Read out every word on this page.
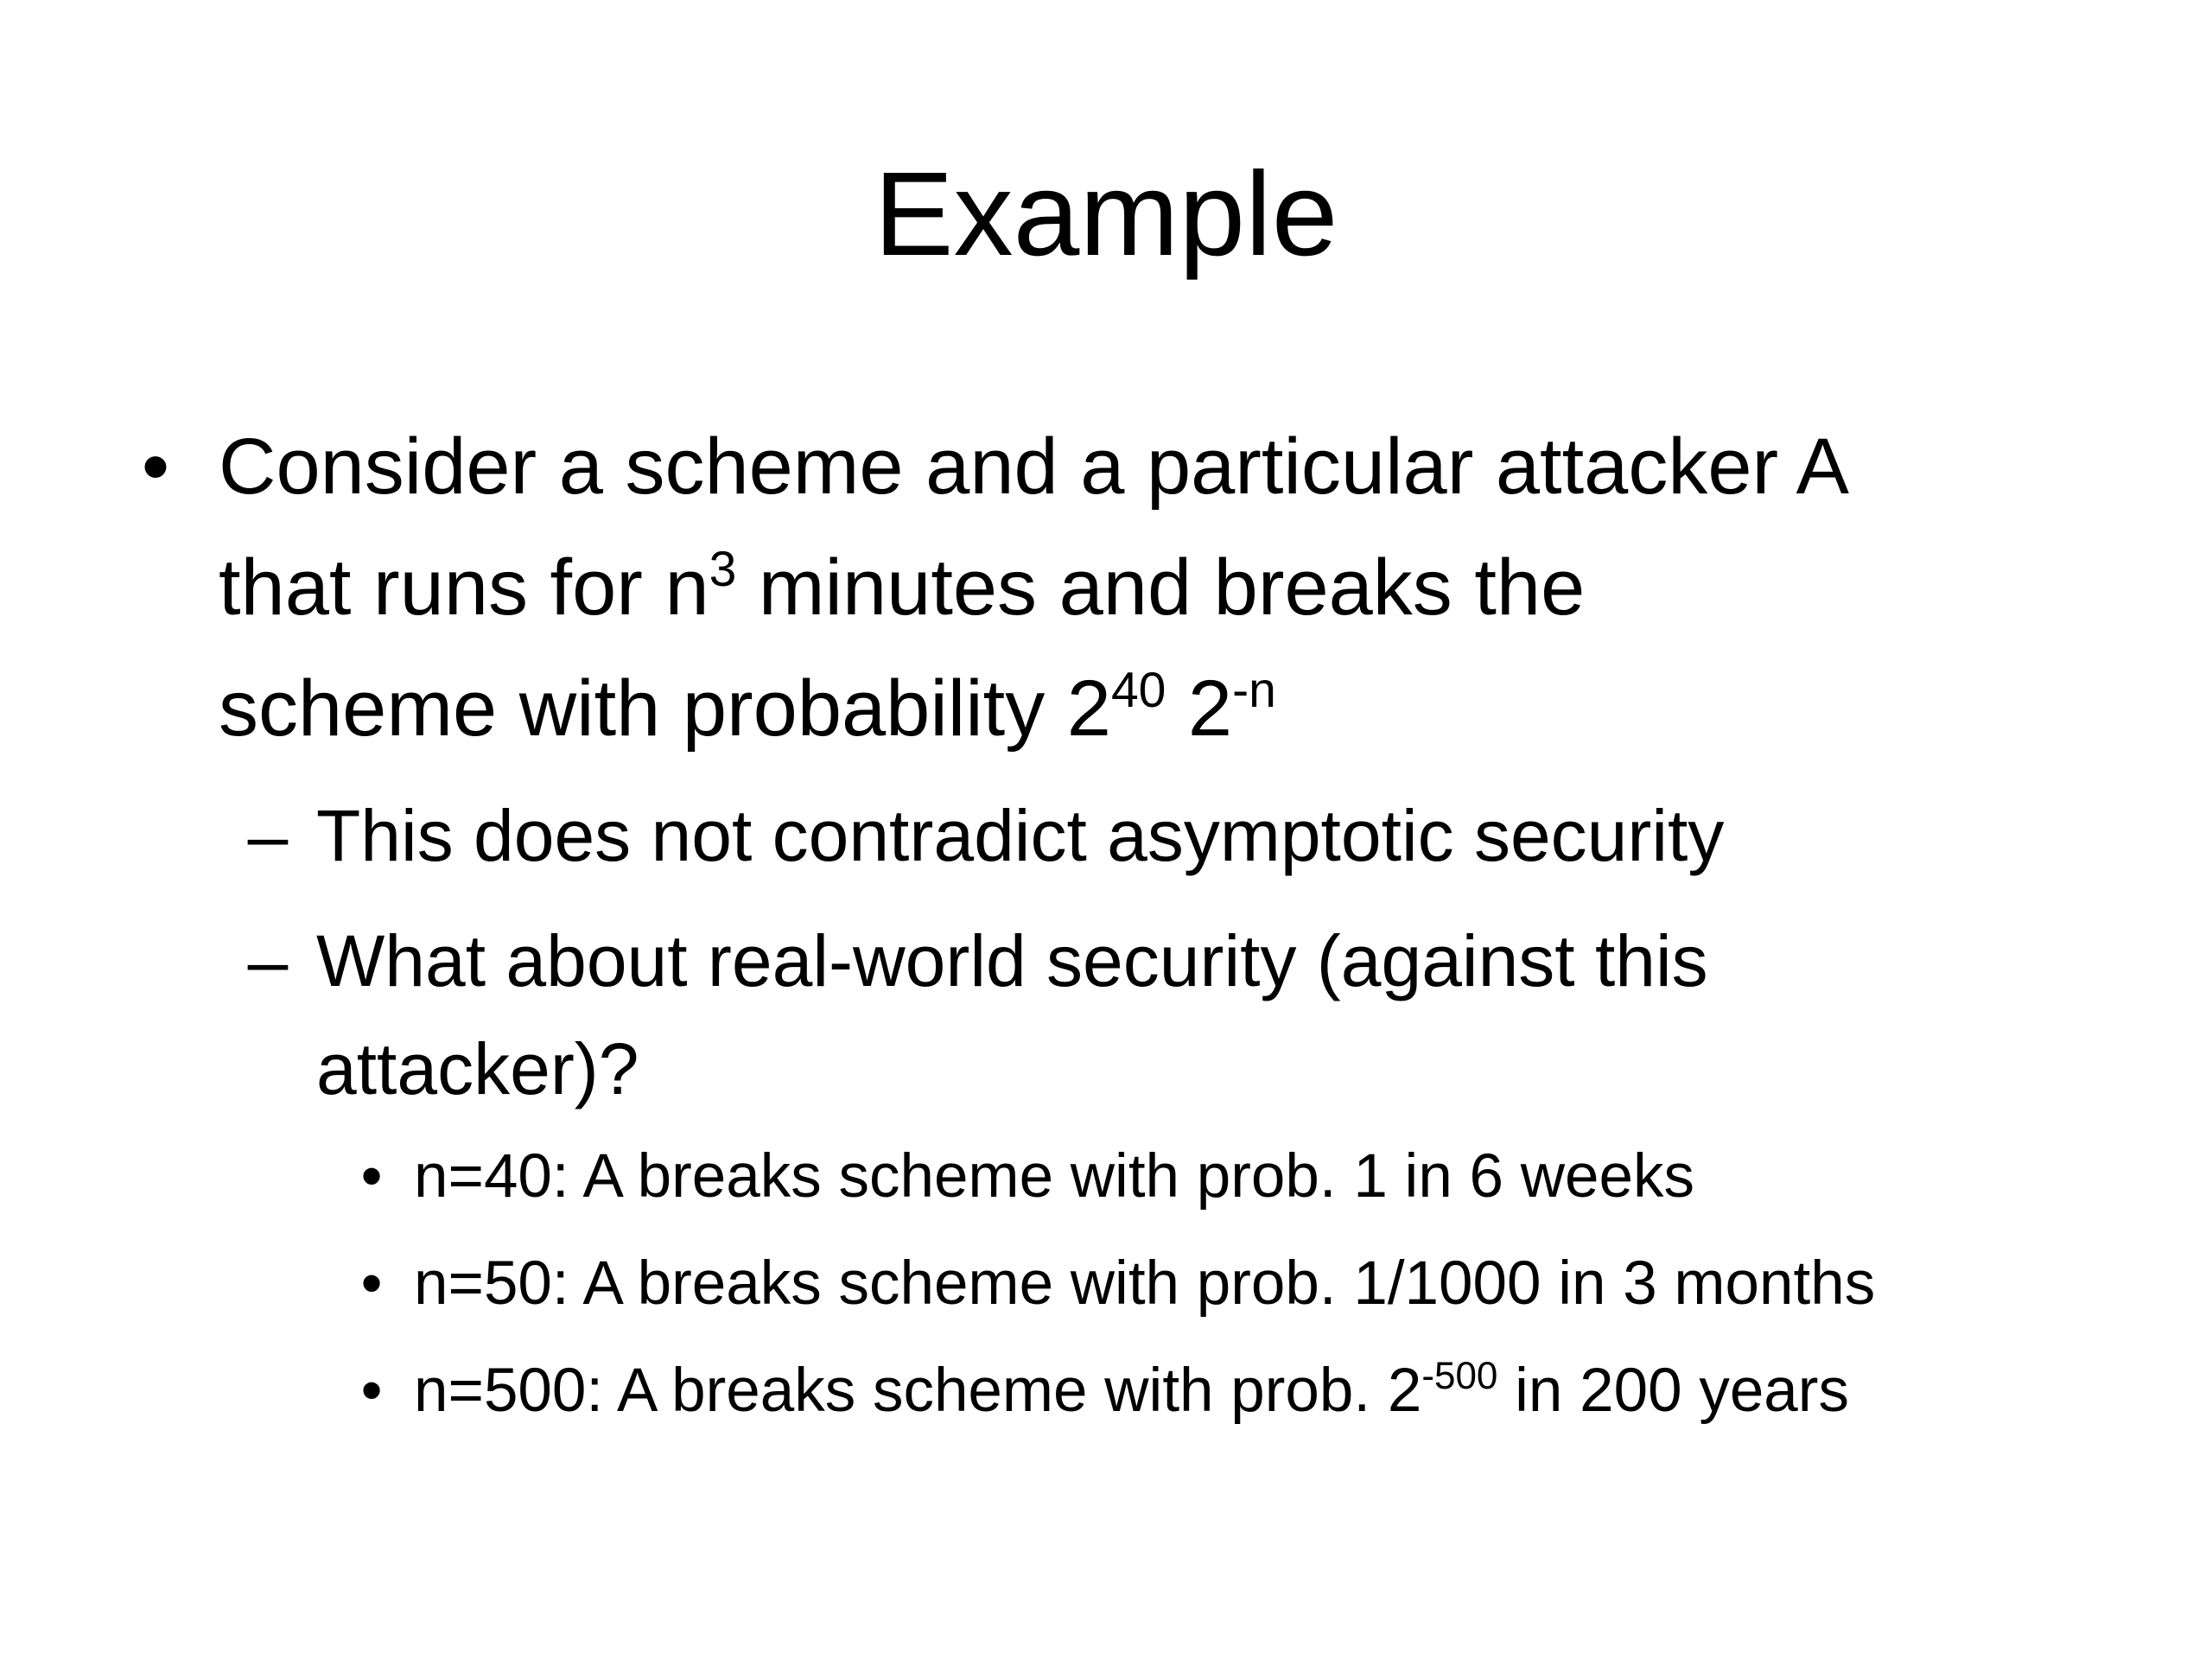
Example
• Consider a scheme and a particular attacker A
that runs for $n^3$ minutes and breaks the
scheme with probability $2^{40}$ $2^{-n}$
– This does not contradict asymptotic security
– What about real-world security (against this
attacker)?
• n=40: A breaks scheme with prob. 1 in 6 weeks
• n=50: A breaks scheme with prob. 1/1000 in 3 months
• n=500: A breaks scheme with prob. $2^{-500}$ in 200 years
